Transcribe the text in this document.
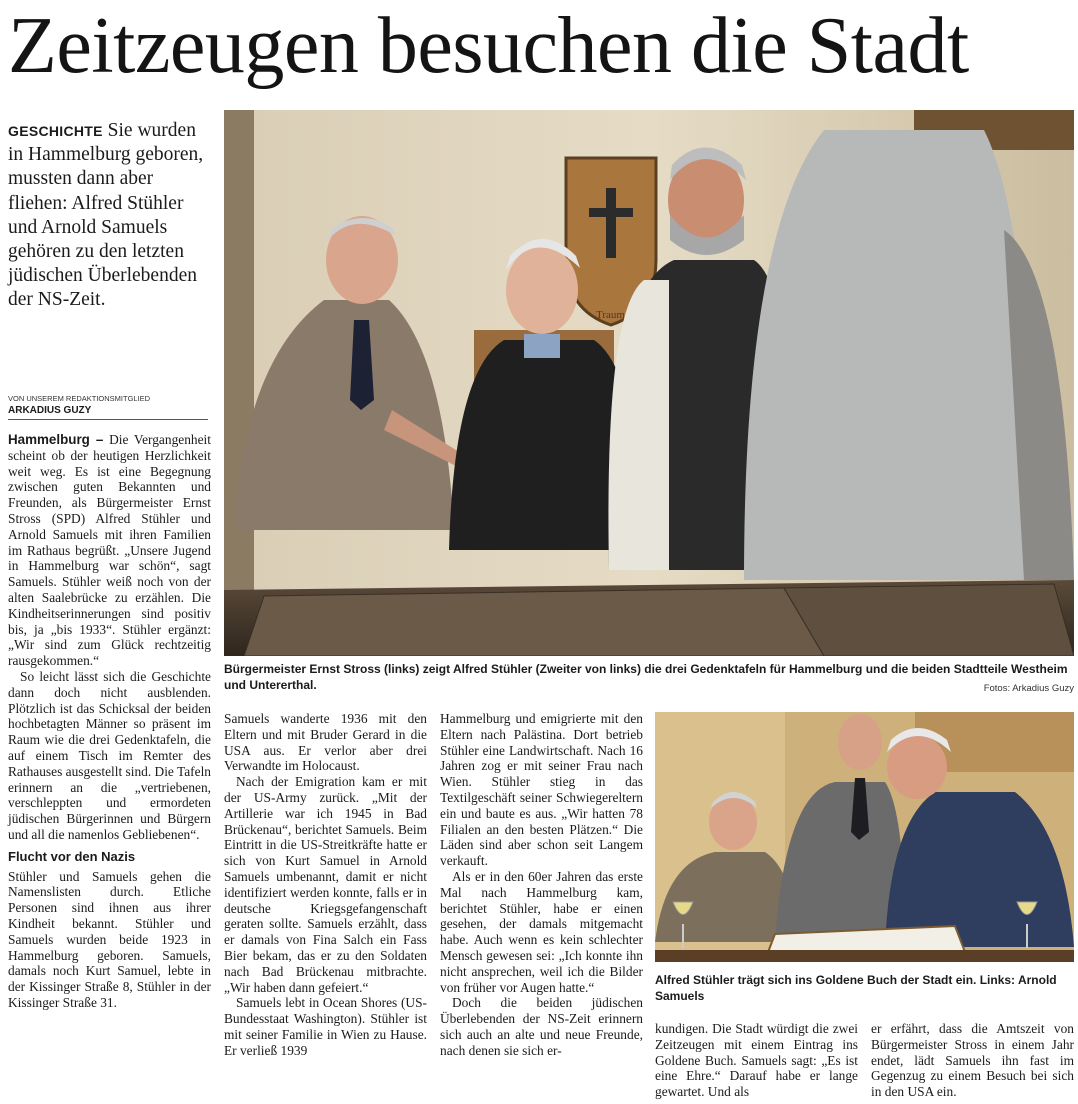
Zeitzeugen besuchen die Stadt
GESCHICHTE Sie wurden in Hammelburg geboren, mussten dann aber fliehen: Alfred Stühler und Arnold Samuels gehören zu den letzten jüdischen Überlebenden der NS-Zeit.
VON UNSEREM REDAKTIONSMITGLIED
ARKADIUS GUZY

Hammelburg – Die Vergangenheit scheint ob der heutigen Herzlichkeit weit weg. Es ist eine Begegnung zwischen guten Bekannten und Freunden, als Bürgermeister Ernst Stross (SPD) Alfred Stühler und Arnold Samuels mit ihren Familien im Rathaus begrüßt. „Unsere Jugend in Hammelburg war schön“, sagt Samuels. Stühler weiß noch von der alten Saalebrücke zu erzählen. Die Kindheitserinnerungen sind positiv bis, ja „bis 1933“. Stühler ergänzt: „Wir sind zum Glück rechtzeitig rausgekommen.“

So leicht lässt sich die Geschichte dann doch nicht ausblenden. Plötzlich ist das Schicksal der beiden hochbetagten Männer so präsent im Raum wie die drei Gedenktafeln, die auf einem Tisch im Remter des Rathauses ausgestellt sind. Die Tafeln erinnern an die „vertriebenen, verschleppten und ermordeten jüdischen Bürgerinnen und Bürgern und all die namenlos Gebliebenen“.

Flucht vor den Nazis

Stühler und Samuels gehen die Namenslisten durch. Etliche Personen sind ihnen aus ihrer Kindheit bekannt. Stühler und Samuels wurden beide 1923 in Hammelburg geboren. Samuels, damals noch Kurt Samuel, lebte in der Kissinger Straße 8, Stühler in der Kissinger Straße 31.

Traum
Bürgermeister Ernst Stross (links) zeigt Alfred Stühler (Zweiter von links) die drei Gedenktafeln für Hammelburg und die beiden Stadtteile Westheim und Untererthal.	Fotos: Arkadius Guzy

Samuels wanderte 1936 mit den Eltern und mit Bruder Gerard in die USA aus. Er verlor aber drei Verwandte im Holocaust.

Nach der Emigration kam er mit der US-Army zurück. „Mit der Artillerie war ich 1945 in Bad Brückenau“, berichtet Samuels. Beim Eintritt in die US-Streitkräfte hatte er sich von Kurt Samuel in Arnold Samuels umbenannt, damit er nicht identifiziert werden konnte, falls er in deutsche Kriegsgefangenschaft geraten sollte. Samuels erzählt, dass er damals von Fina Salch ein Fass Bier bekam, das er zu den Soldaten nach Bad Brückenau mitbrachte. „Wir haben dann gefeiert.“

Samuels lebt in Ocean Shores (US-Bundesstaat Washington). Stühler ist mit seiner Familie in Wien zu Hause. Er verließ 1939

Hammelburg und emigrierte mit den Eltern nach Palästina. Dort betrieb Stühler eine Landwirtschaft. Nach 16 Jahren zog er mit seiner Frau nach Wien. Stühler stieg in das Textilgeschäft seiner Schwiegereltern ein und baute es aus. „Wir hatten 78 Filialen an den besten Plätzen.“ Die Läden sind aber schon seit Langem verkauft.

Als er in den 60er Jahren das erste Mal nach Hammelburg kam, berichtet Stühler, habe er einen gesehen, der damals mitgemacht habe. Auch wenn es kein schlechter Mensch gewesen sei: „Ich konnte ihn nicht ansprechen, weil ich die Bilder von früher vor Augen hatte.“

Doch die beiden jüdischen Überlebenden der NS-Zeit erinnern sich auch an alte und neue Freunde, nach denen sie sich er-

Alfred Stühler trägt sich ins Goldene Buch der Stadt ein. Links: Arnold Samuels

kundigen. Die Stadt würdigt die zwei Zeitzeugen mit einem Eintrag ins Goldene Buch. Samuels sagt: „Es ist eine Ehre.“ Darauf habe er lange gewartet. Und als

er erfährt, dass die Amtszeit von Bürgermeister Stross in einem Jahr endet, lädt Samuels ihn fast im Gegenzug zu einem Besuch bei sich in den USA ein.
